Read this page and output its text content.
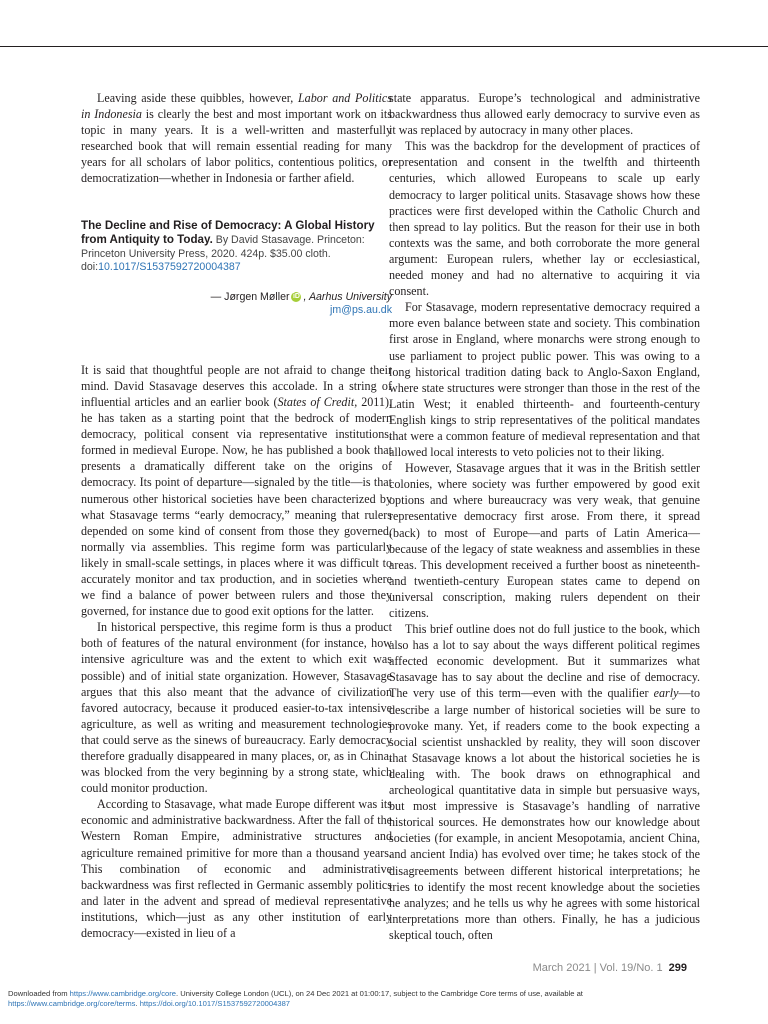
Leaving aside these quibbles, however, Labor and Politics in Indonesia is clearly the best and most important work on its topic in many years. It is a well-written and masterfully researched book that will remain essential reading for many years for all scholars of labor politics, contentious politics, or democratization—whether in Indonesia or farther afield.

The Decline and Rise of Democracy: A Global History from Antiquity to Today. By David Stasavage. Princeton: Princeton University Press, 2020. 424p. $35.00 cloth.
doi:10.1017/S1537592720004387
— Jørgen Møller iD , Aarhus University
jm@ps.au.dk

It is said that thoughtful people are not afraid to change their mind. David Stasavage deserves this accolade. In a string of influential articles and an earlier book (States of Credit, 2011), he has taken as a starting point that the bedrock of modern democracy, political consent via representative institutions, formed in medieval Europe. Now, he has published a book that presents a dramatically different take on the origins of democracy. Its point of departure—signaled by the title—is that numerous other historical societies have been characterized by what Stasavage terms “early democracy,” meaning that rulers depended on some kind of consent from those they governed, normally via assemblies. This regime form was particularly likely in small-scale settings, in places where it was difficult to accurately monitor and tax production, and in societies where we find a balance of power between rulers and those they governed, for instance due to good exit options for the latter.

In historical perspective, this regime form is thus a product both of features of the natural environment (for instance, how intensive agriculture was and the extent to which exit was possible) and of initial state organization. However, Stasavage argues that this also meant that the advance of civilization favored autocracy, because it produced easier-to-tax intensive agriculture, as well as writing and measurement technologies that could serve as the sinews of bureaucracy. Early democracy therefore gradually disappeared in many places, or, as in China, was blocked from the very beginning by a strong state, which could monitor production.

According to Stasavage, what made Europe different was its economic and administrative backwardness. After the fall of the Western Roman Empire, administrative structures and agriculture remained primitive for more than a thousand years. This combination of economic and administrative backwardness was first reflected in Germanic assembly politics and later in the advent and spread of medieval representative institutions, which—just as any other institution of early democracy—existed in lieu of a

state apparatus. Europe’s technological and administrative backwardness thus allowed early democracy to survive even as it was replaced by autocracy in many other places.

This was the backdrop for the development of practices of representation and consent in the twelfth and thirteenth centuries, which allowed Europeans to scale up early democracy to larger political units. Stasavage shows how these practices were first developed within the Catholic Church and then spread to lay politics. But the reason for their use in both contexts was the same, and both corroborate the more general argument: European rulers, whether lay or ecclesiastical, needed money and had no alternative to acquiring it via consent.

For Stasavage, modern representative democracy required a more even balance between state and society. This combination first arose in England, where monarchs were strong enough to use parliament to project public power. This was owing to a long historical tradition dating back to Anglo-Saxon England, where state structures were stronger than those in the rest of the Latin West; it enabled thirteenth- and fourteenth-century English kings to strip representatives of the political mandates that were a common feature of medieval representation and that allowed local interests to veto policies not to their liking.

However, Stasavage argues that it was in the British settler colonies, where society was further empowered by good exit options and where bureaucracy was very weak, that genuine representative democracy first arose. From there, it spread (back) to most of Europe—and parts of Latin America—because of the legacy of state weakness and assemblies in these areas. This development received a further boost as nineteenth- and twentieth-century European states came to depend on universal conscription, making rulers dependent on their citizens.

This brief outline does not do full justice to the book, which also has a lot to say about the ways different political regimes affected economic development. But it summarizes what Stasavage has to say about the decline and rise of democracy. The very use of this term—even with the qualifier early—to describe a large number of historical societies will be sure to provoke many. Yet, if readers come to the book expecting a social scientist unshackled by reality, they will soon discover that Stasavage knows a lot about the historical societies he is dealing with. The book draws on ethnographical and archeological quantitative data in simple but persuasive ways, but most impressive is Stasavage’s handling of narrative historical sources. He demonstrates how our knowledge about societies (for example, in ancient Mesopotamia, ancient China, and ancient India) has evolved over time; he takes stock of the disagreements between different historical interpretations; he tries to identify the most recent knowledge about the societies he analyzes; and he tells us why he agrees with some historical interpretations more than others. Finally, he has a judicious skeptical touch, often

March 2021 | Vol. 19/No. 1 299
Downloaded from https://www.cambridge.org/core. University College London (UCL), on 24 Dec 2021 at 01:00:17, subject to the Cambridge Core terms of use, available at
https://www.cambridge.org/core/terms. https://doi.org/10.1017/S1537592720004387
